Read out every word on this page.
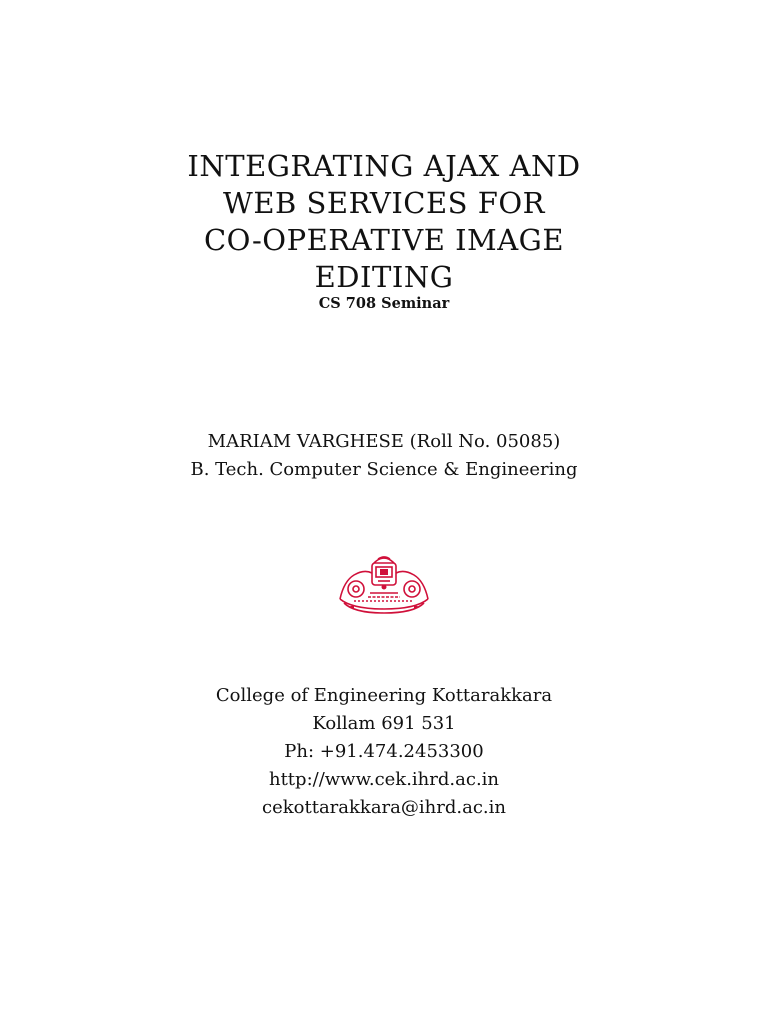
INTEGRATING AJAX AND
WEB SERVICES FOR
CO-OPERATIVE IMAGE
EDITING
CS 708 Seminar
MARIAM VARGHESE (Roll No. 05085)
B. Tech. Computer Science & Engineering
College of Engineering Kottarakkara
Kollam 691 531
Ph: +91.474.2453300
http://www.cek.ihrd.ac.in
cekottarakkara@ihrd.ac.in
